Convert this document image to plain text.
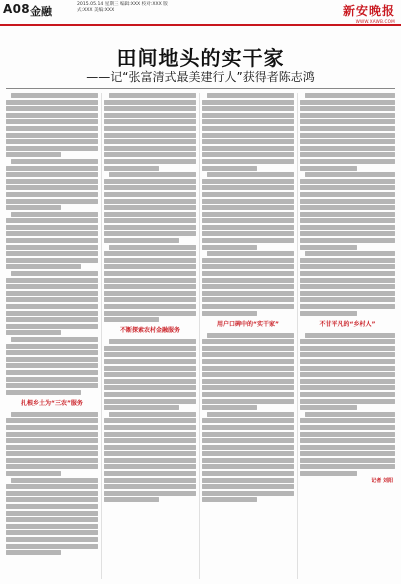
A08 金融
2015.05.14 星期三 编辑:XXX 校对:XXX 版式:XXX 美编:XXX	新安晚报
WWW.XAWB.COM
田间地头的实干家
——记“张富清式最美建行人”获得者陈志鸿
扎根乡土为“三农”服务
不断探索农村金融服务
用户口碑中的“实干家”	不甘平凡的“乡村人”
记者 刘阳
